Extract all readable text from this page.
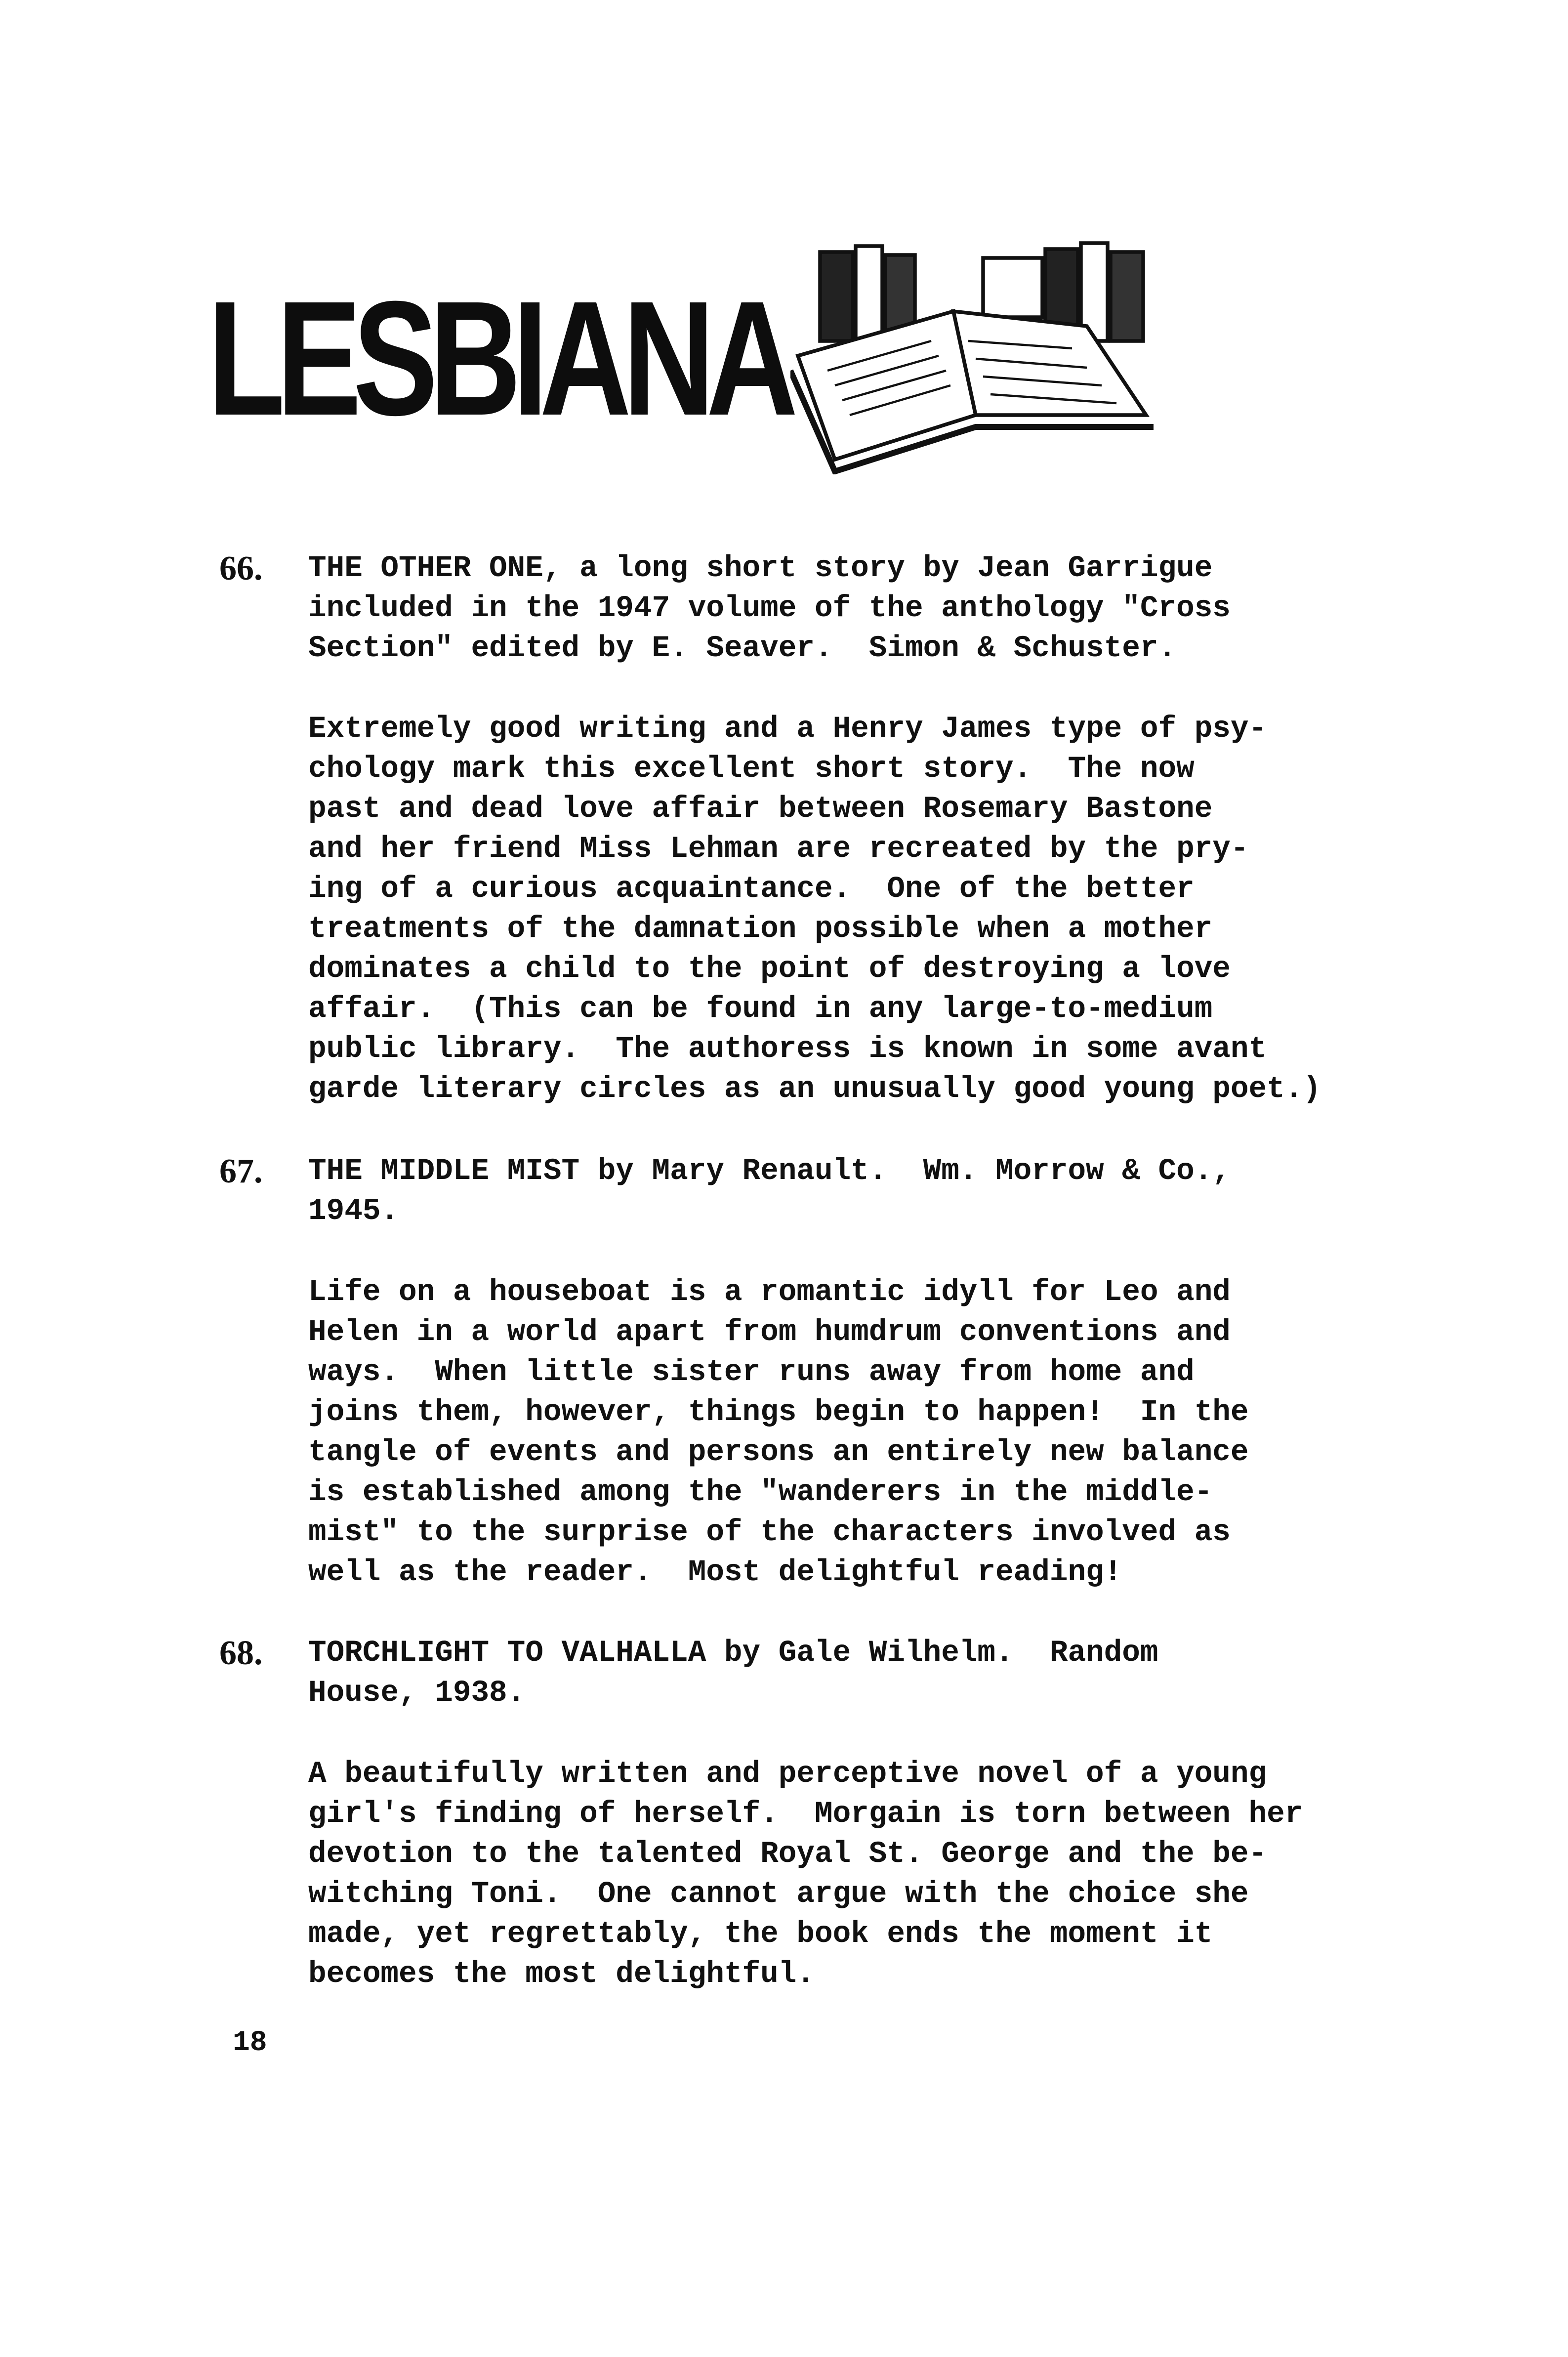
LESBIANA
66. THE OTHER ONE, a long short story by Jean Garrigue
included in the 1947 volume of the anthology "Cross
Section" edited by E. Seaver.  Simon & Schuster.
Extremely good writing and a Henry James type of psy-
chology mark this excellent short story.  The now
past and dead love affair between Rosemary Bastone
and her friend Miss Lehman are recreated by the pry-
ing of a curious acquaintance.  One of the better
treatments of the damnation possible when a mother
dominates a child to the point of destroying a love
affair.  (This can be found in any large-to-medium
public library.  The authoress is known in some avant
garde literary circles as an unusually good young poet.)
67. THE MIDDLE MIST by Mary Renault.  Wm. Morrow & Co.,
1945.
Life on a houseboat is a romantic idyll for Leo and
Helen in a world apart from humdrum conventions and
ways.  When little sister runs away from home and
joins them, however, things begin to happen!  In the
tangle of events and persons an entirely new balance
is established among the "wanderers in the middle-
mist" to the surprise of the characters involved as
well as the reader.  Most delightful reading!
68. TORCHLIGHT TO VALHALLA by Gale Wilhelm.  Random
House, 1938.
A beautifully written and perceptive novel of a young
girl's finding of herself.  Morgain is torn between her
devotion to the talented Royal St. George and the be-
witching Toni.  One cannot argue with the choice she
made, yet regrettably, the book ends the moment it
becomes the most delightful.
18
